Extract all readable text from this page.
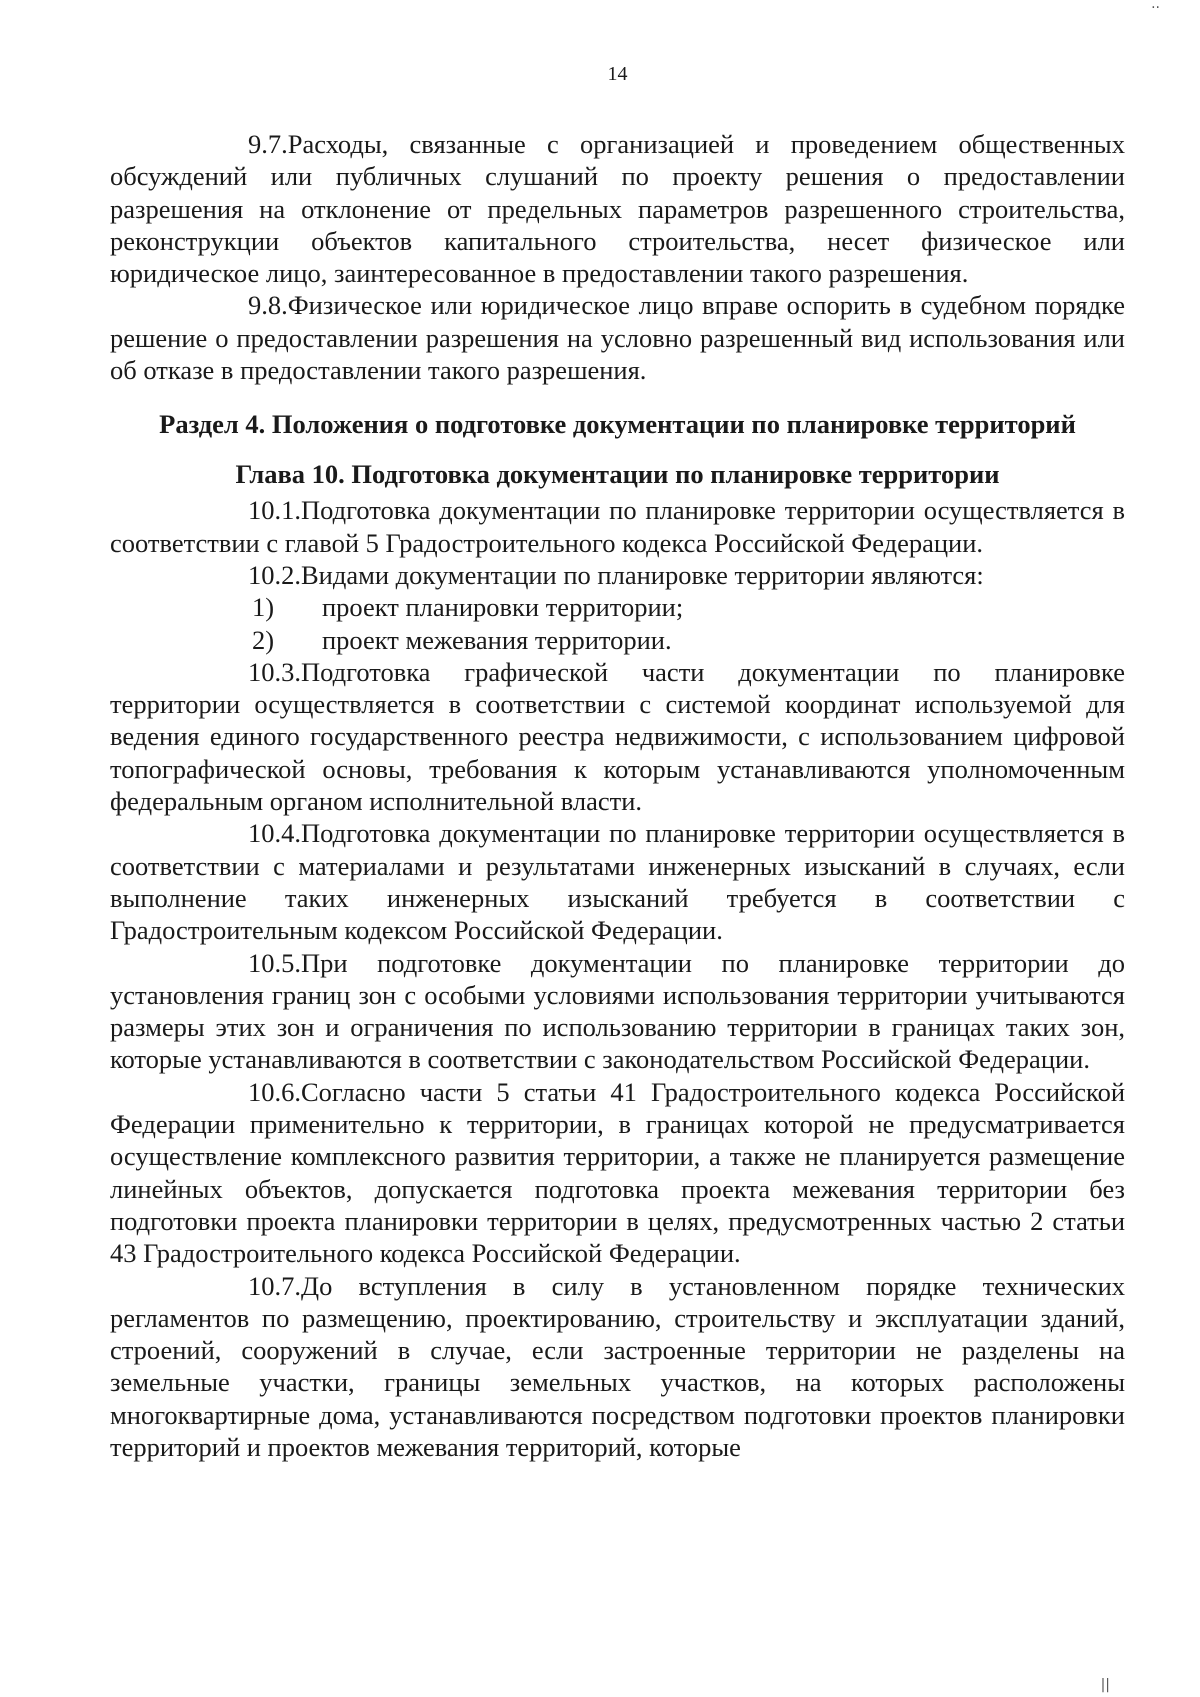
..
14

9.7.Расходы, связанные с организацией и проведением общественных обсуждений или публичных слушаний по проекту решения о предоставлении разрешения на отклонение от предельных параметров разрешенного строительства, реконструкции объектов капитального строительства, несет физическое или юридическое лицо, заинтересованное в предоставлении такого разрешения.

9.8.Физическое или юридическое лицо вправе оспорить в судебном порядке решение о предоставлении разрешения на условно разрешенный вид использования или об отказе в предоставлении такого разрешения.

Раздел 4. Положения о подготовке документации по планировке территорий
Глава 10. Подготовка документации по планировке территории

10.1.Подготовка документации по планировке территории осуществляется в соответствии с главой 5 Градостроительного кодекса Российской Федерации.

10.2.Видами документации по планировке территории являются:

1)	проект планировки территории;
2)	проект межевания территории.

10.3.Подготовка графической части документации по планировке территории осуществляется в соответствии с системой координат используемой для ведения единого государственного реестра недвижимости, с использованием цифровой топографической основы, требования к которым устанавливаются уполномоченным федеральным органом исполнительной власти.

10.4.Подготовка документации по планировке территории осуществляется в соответствии с материалами и результатами инженерных изысканий в случаях, если выполнение таких инженерных изысканий требуется в соответствии с Градостроительным кодексом Российской Федерации.

10.5.При подготовке документации по планировке территории до установления границ зон с особыми условиями использования территории учитываются размеры этих зон и ограничения по использованию территории в границах таких зон, которые устанавливаются в соответствии с законодательством Российской Федерации.

10.6.Согласно части 5 статьи 41 Градостроительного кодекса Российской Федерации применительно к территории, в границах которой не предусматривается осуществление комплексного развития территории, а также не планируется размещение линейных объектов, допускается подготовка проекта межевания территории без подготовки проекта планировки территории в целях, предусмотренных частью 2 статьи 43 Градостроительного кодекса Российской Федерации.

10.7.До вступления в силу в установленном порядке технических регламентов по размещению, проектированию, строительству и эксплуатации зданий, строений, сооружений в случае, если застроенные территории не разделены на земельные участки, границы земельных участков, на которых расположены многоквартирные дома, устанавливаются посредством подготовки проектов планировки территорий и проектов межевания территорий, которые

||
